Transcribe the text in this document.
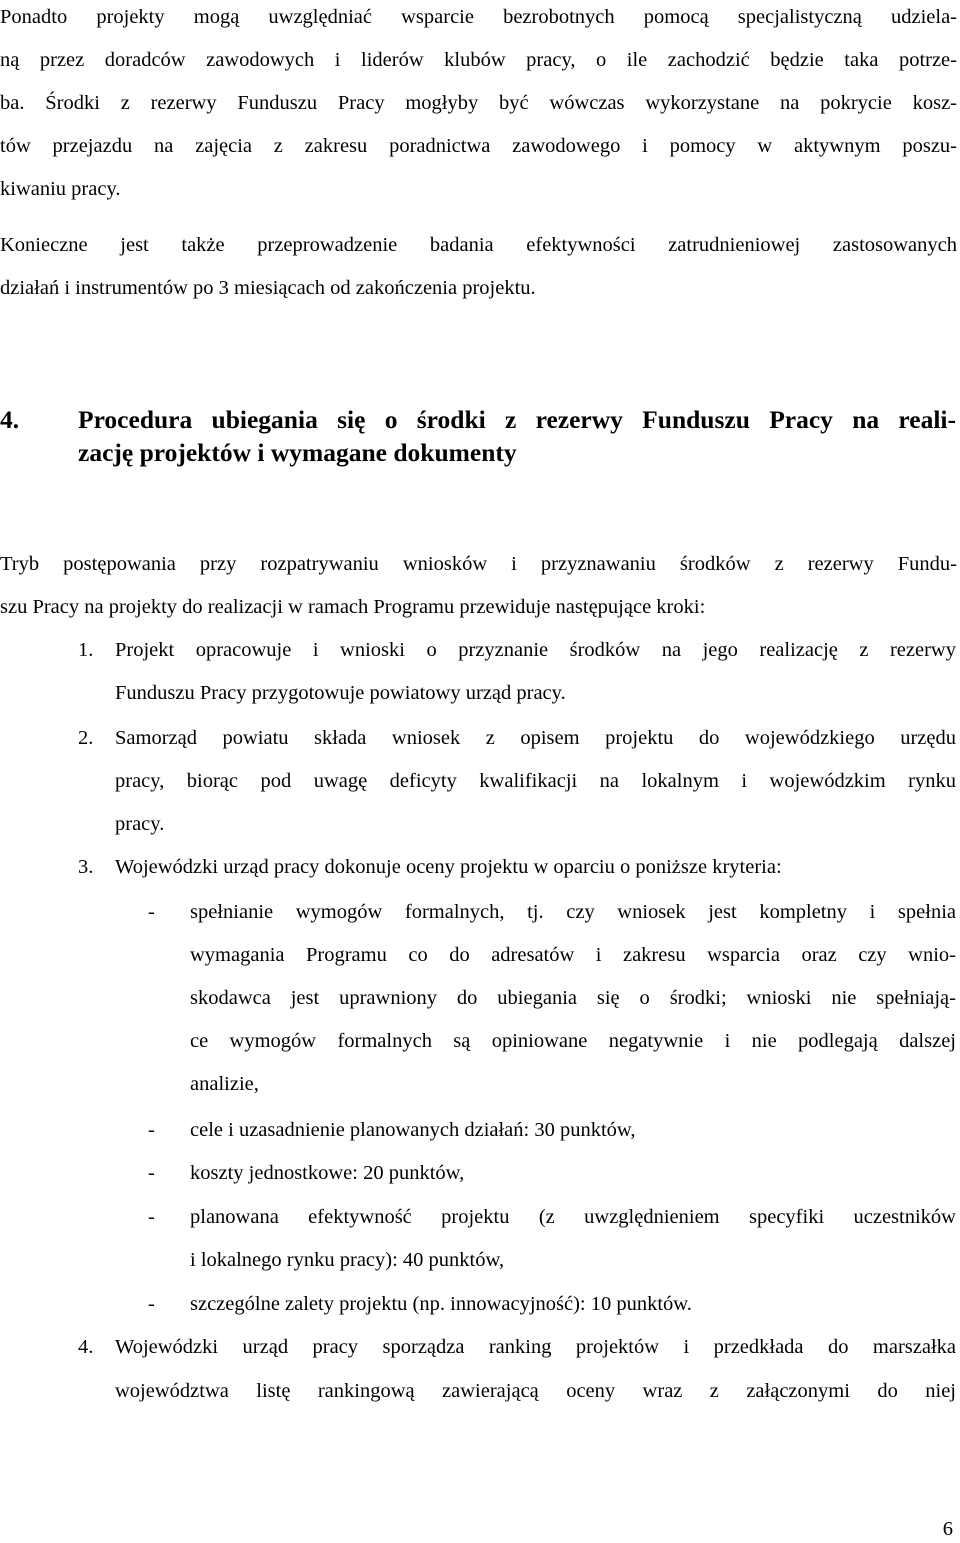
Ponadto projekty mogą uwzględniać wsparcie bezrobotnych pomocą specjalistyczną udziela-
ną przez doradców zawodowych i liderów klubów pracy, o ile zachodzić będzie taka potrze-
ba. Środki z rezerwy Funduszu Pracy mogłyby być wówczas wykorzystane na pokrycie kosz-
tów przejazdu na zajęcia z zakresu poradnictwa zawodowego i pomocy w aktywnym poszu-
kiwaniu pracy.
Konieczne jest także przeprowadzenie badania efektywności zatrudnieniowej zastosowanych
działań i instrumentów po 3 miesiącach od zakończenia projektu.
4. Procedura ubiegania się o środki z rezerwy Funduszu Pracy na reali-
zację projektów i wymagane dokumenty
Tryb postępowania przy rozpatrywaniu wniosków i przyznawaniu środków z rezerwy Fundu-
szu Pracy na projekty do realizacji w ramach Programu przewiduje następujące kroki:
1. Projekt opracowuje i wnioski o przyznanie środków na jego realizację z rezerwy
Funduszu Pracy przygotowuje powiatowy urząd pracy.
2. Samorząd powiatu składa wniosek z opisem projektu do wojewódzkiego urzędu
pracy, biorąc pod uwagę deficyty kwalifikacji na lokalnym i wojewódzkim rynku
pracy.
3. Wojewódzki urząd pracy dokonuje oceny projektu w oparciu o poniższe kryteria:
- spełnianie wymogów formalnych, tj. czy wniosek jest kompletny i spełnia
wymagania Programu co do adresatów i zakresu wsparcia oraz czy wnio-
skodawca jest uprawniony do ubiegania się o środki; wnioski nie spełniają-
ce wymogów formalnych są opiniowane negatywnie i nie podlegają dalszej
analizie,
- cele i uzasadnienie planowanych działań: 30 punktów,
- koszty jednostkowe: 20 punktów,
- planowana efektywność projektu (z uwzględnieniem specyfiki uczestników
i lokalnego rynku pracy): 40 punktów,
- szczególne zalety projektu (np. innowacyjność): 10 punktów.
4. Wojewódzki urząd pracy sporządza ranking projektów i przedkłada do marszałka
województwa listę rankingową zawierającą oceny wraz z załączonymi do niej
6
